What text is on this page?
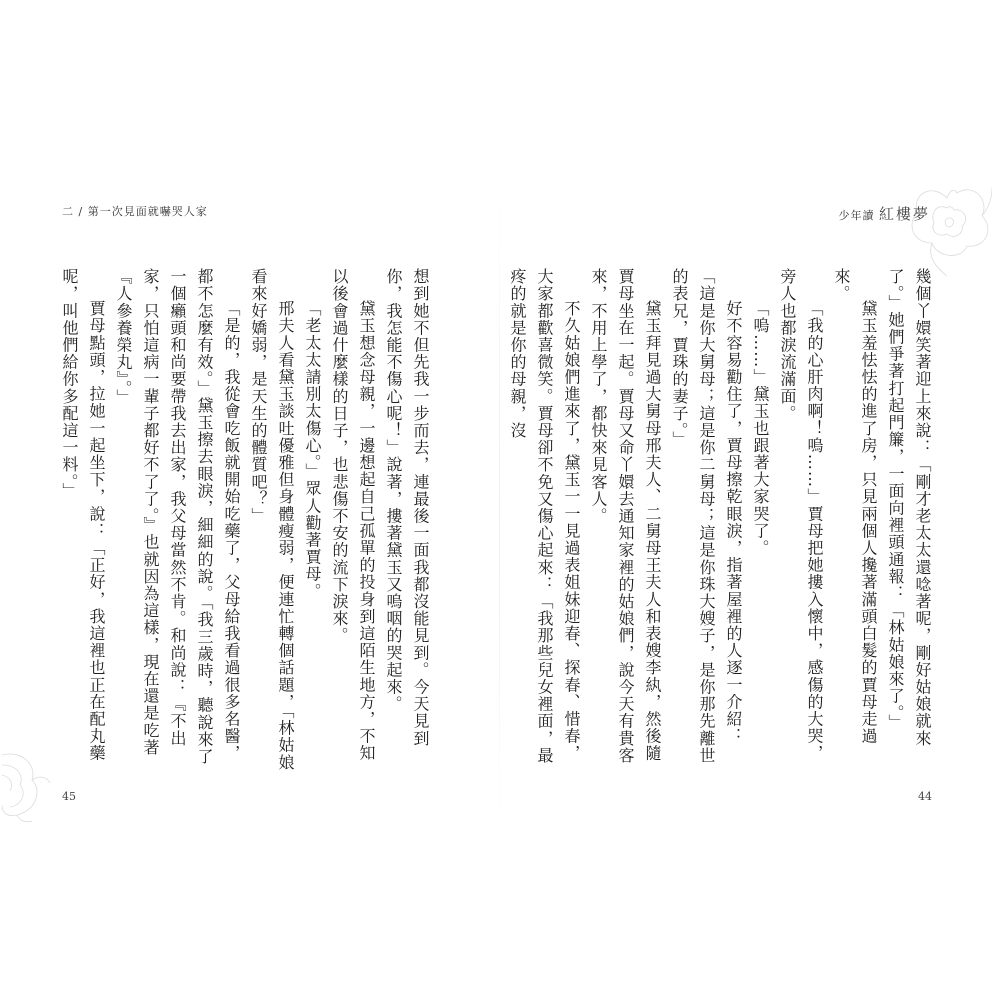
二 / 第一次見面就嚇哭人家

想到她不但先我一步而去，連最後一面我都沒能見到。今天見到你，我怎能不傷心呢！」說著，摟著黛玉又嗚咽的哭起來。

黛玉想念母親，一邊想起自己孤單的投身到這陌生地方，不知以後會過什麼樣的日子，也悲傷不安的流下淚來。

「老太太請別太傷心。」眾人勸著賈母。

邢夫人看黛玉談吐優雅但身體瘦弱，便連忙轉個話題，「林姑娘看來好嬌弱，是天生的體質吧？」

「是的，我從會吃飯就開始吃藥了，父母給我看過很多名醫，都不怎麼有效。」黛玉擦去眼淚，細細的說。「我三歲時，聽說來了一個癩頭和尚要帶我去出家，我父母當然不肯。和尚說：『不出家，只怕這病一輩子都好不了了。』也就因為這樣，現在還是吃著『人參養榮丸』。」

賈母點頭，拉她一起坐下，說：「正好，我這裡也正在配丸藥呢，叫他們給你多配這一料。」

45
少年讀 紅樓夢

幾個丫嬛笑著迎上來說：「剛才老太太還唸著呢，剛好姑娘就來了。」她們爭著打起門簾，一面向裡頭通報：「林姑娘來了。」

黛玉羞怯怯的進了房，只見兩個人攙著滿頭白髮的賈母走過來。

「我的心肝肉啊！嗚……」賈母把她摟入懷中，感傷的大哭，旁人也都淚流滿面。

「嗚……」黛玉也跟著大家哭了。

好不容易勸住了，賈母擦乾眼淚，指著屋裡的人逐一介紹：「這是你大舅母；這是你二舅母；這是你珠大嫂子，是你那先離世的表兄，賈珠的妻子。」

黛玉拜見過大舅母邢夫人、二舅母王夫人和表嫂李紈，然後隨賈母坐在一起。賈母又命丫嬛去通知家裡的姑娘們，說今天有貴客來，不用上學了，都快來見客人。

不久姑娘們進來了，黛玉一一見過表姐妹迎春、探春、惜春，大家都歡喜微笑。賈母卻不免又傷心起來：「我那些兒女裡面，最疼的就是你的母親，沒

44
